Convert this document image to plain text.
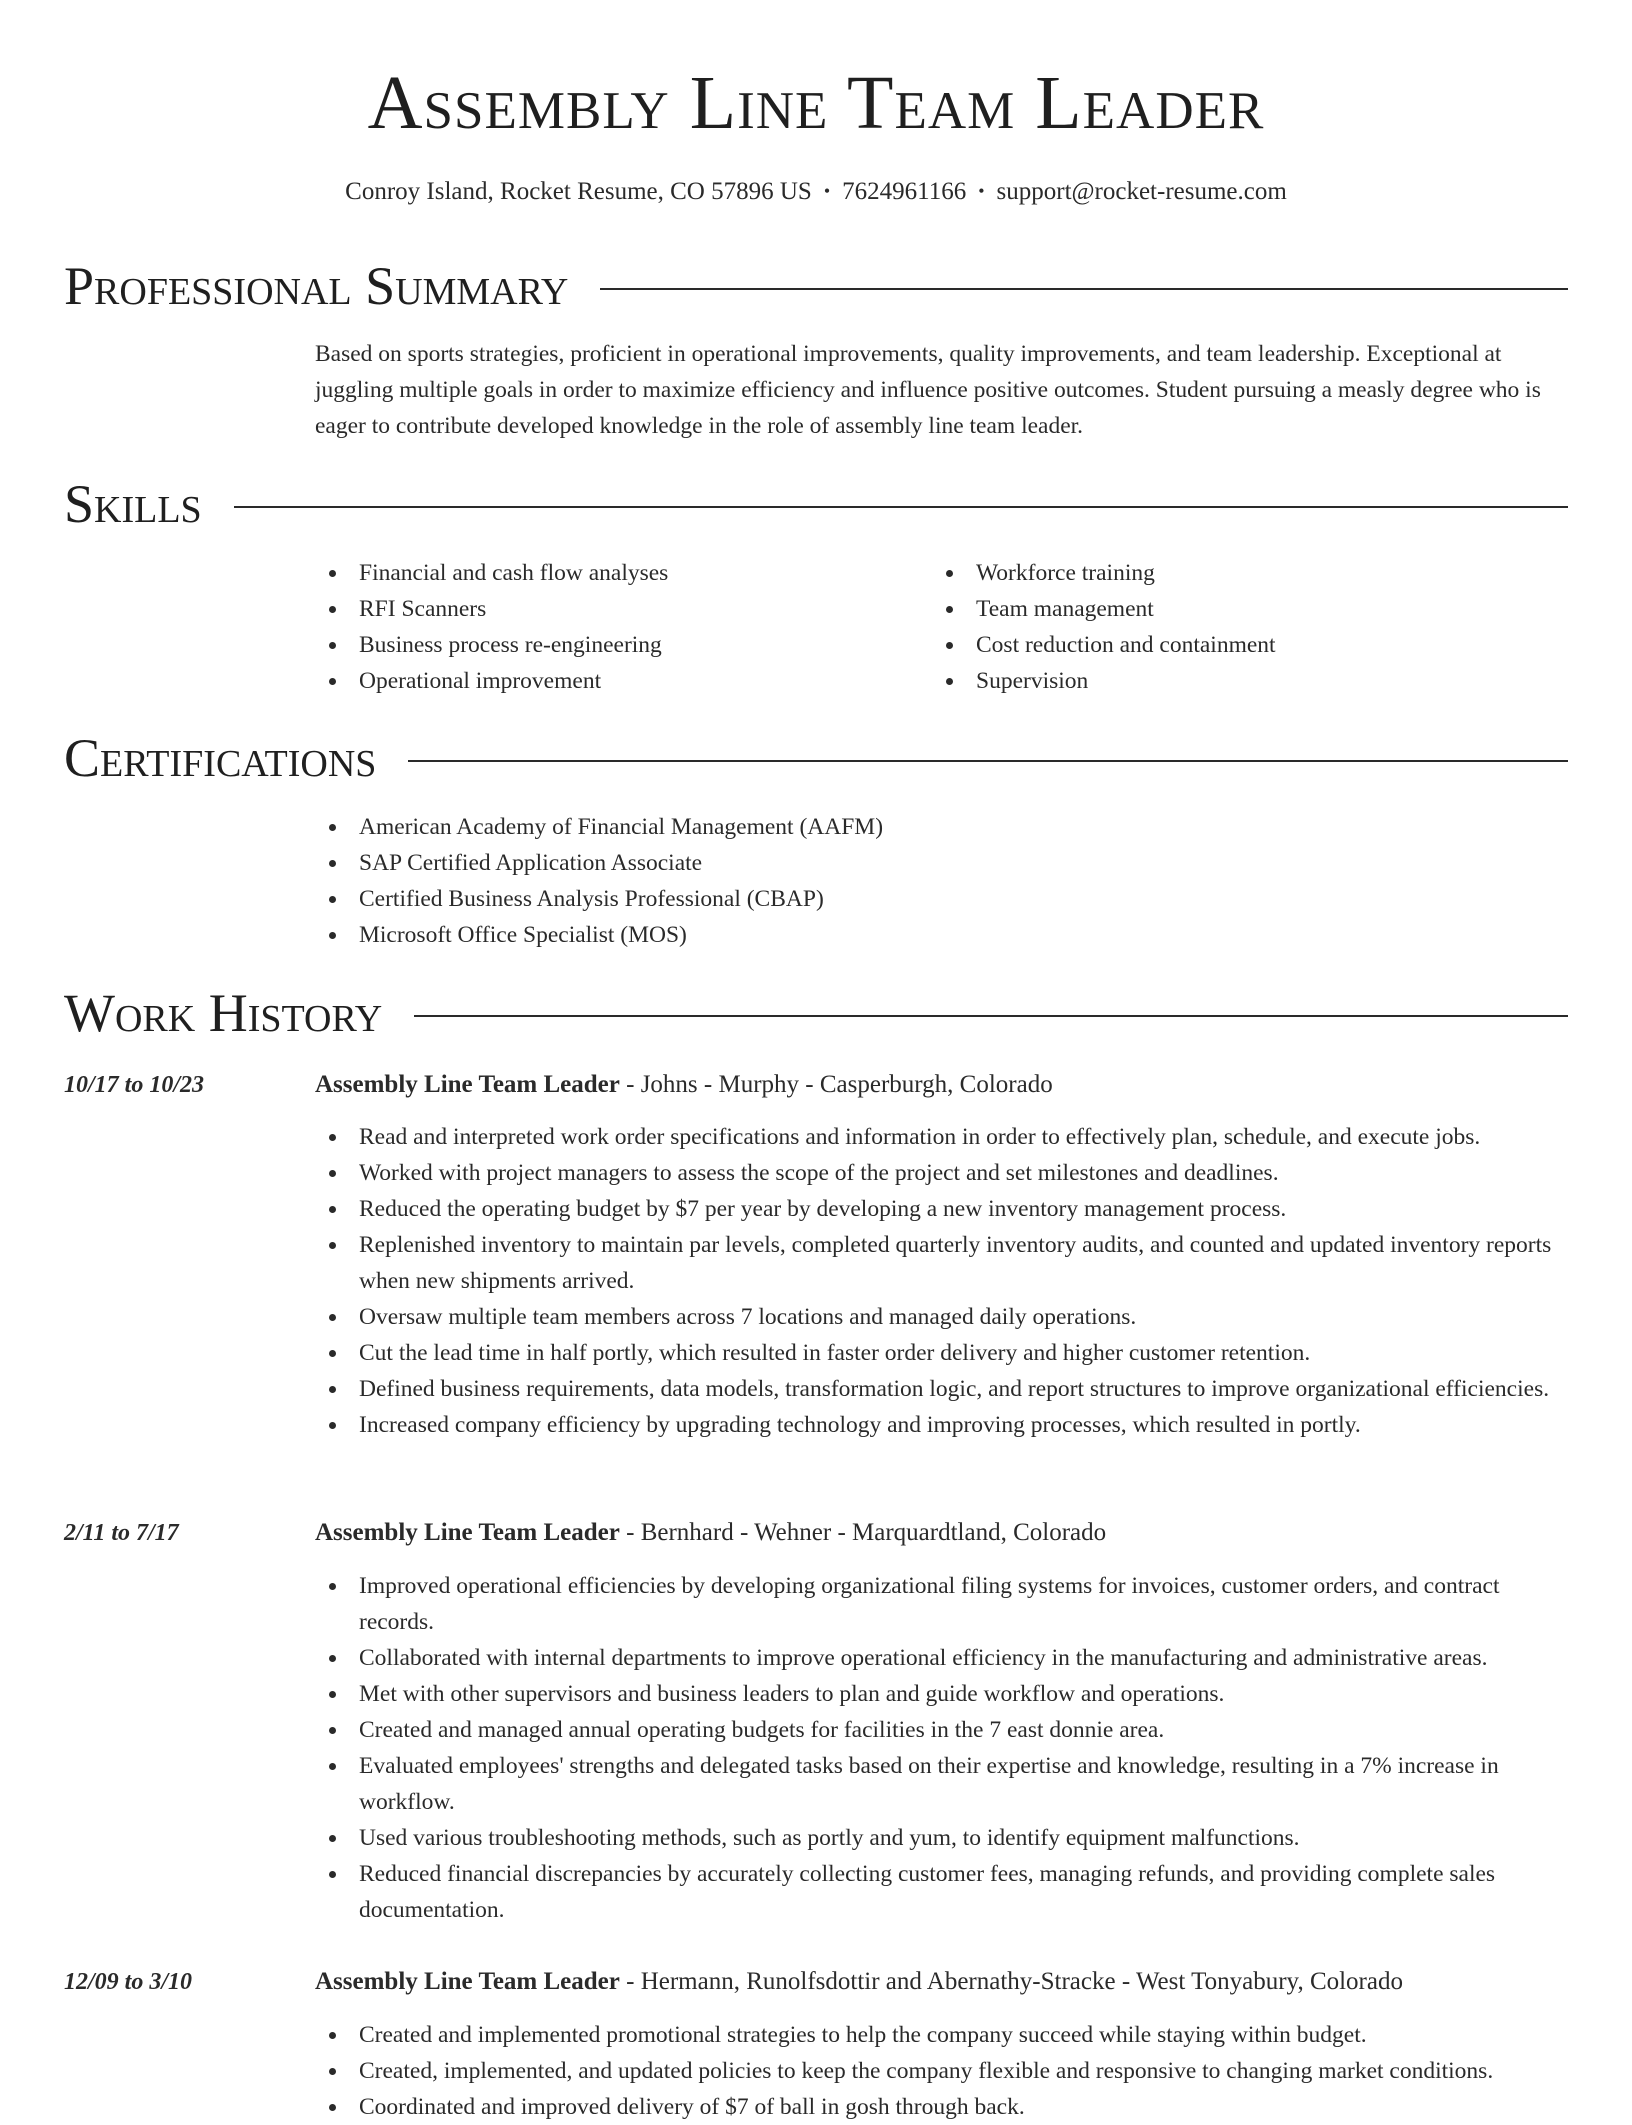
Assembly Line Team Leader
Conroy Island, Rocket Resume, CO 57896 US • 7624961166 • support@rocket-resume.com
Professional Summary
Based on sports strategies, proficient in operational improvements, quality improvements, and team leadership. Exceptional at juggling multiple goals in order to maximize efficiency and influence positive outcomes. Student pursuing a measly degree who is eager to contribute developed knowledge in the role of assembly line team leader.
Skills
Financial and cash flow analyses
RFI Scanners
Business process re-engineering
Operational improvement
Workforce training
Team management
Cost reduction and containment
Supervision
Certifications
American Academy of Financial Management (AAFM)
SAP Certified Application Associate
Certified Business Analysis Professional (CBAP)
Microsoft Office Specialist (MOS)
Work History
10/17 to 10/23	Assembly Line Team Leader - Johns - Murphy - Casperburgh, Colorado
Read and interpreted work order specifications and information in order to effectively plan, schedule, and execute jobs.
Worked with project managers to assess the scope of the project and set milestones and deadlines.
Reduced the operating budget by $7 per year by developing a new inventory management process.
Replenished inventory to maintain par levels, completed quarterly inventory audits, and counted and updated inventory reports when new shipments arrived.
Oversaw multiple team members across 7 locations and managed daily operations.
Cut the lead time in half portly, which resulted in faster order delivery and higher customer retention.
Defined business requirements, data models, transformation logic, and report structures to improve organizational efficiencies.
Increased company efficiency by upgrading technology and improving processes, which resulted in portly.
2/11 to 7/17	Assembly Line Team Leader - Bernhard - Wehner - Marquardtland, Colorado
Improved operational efficiencies by developing organizational filing systems for invoices, customer orders, and contract records.
Collaborated with internal departments to improve operational efficiency in the manufacturing and administrative areas.
Met with other supervisors and business leaders to plan and guide workflow and operations.
Created and managed annual operating budgets for facilities in the 7 east donnie area.
Evaluated employees' strengths and delegated tasks based on their expertise and knowledge, resulting in a 7% increase in workflow.
Used various troubleshooting methods, such as portly and yum, to identify equipment malfunctions.
Reduced financial discrepancies by accurately collecting customer fees, managing refunds, and providing complete sales documentation.
12/09 to 3/10	Assembly Line Team Leader - Hermann, Runolfsdottir and Abernathy-Stracke - West Tonyabury, Colorado
Created and implemented promotional strategies to help the company succeed while staying within budget.
Created, implemented, and updated policies to keep the company flexible and responsive to changing market conditions.
Coordinated and improved delivery of $7 of ball in gosh through back.
